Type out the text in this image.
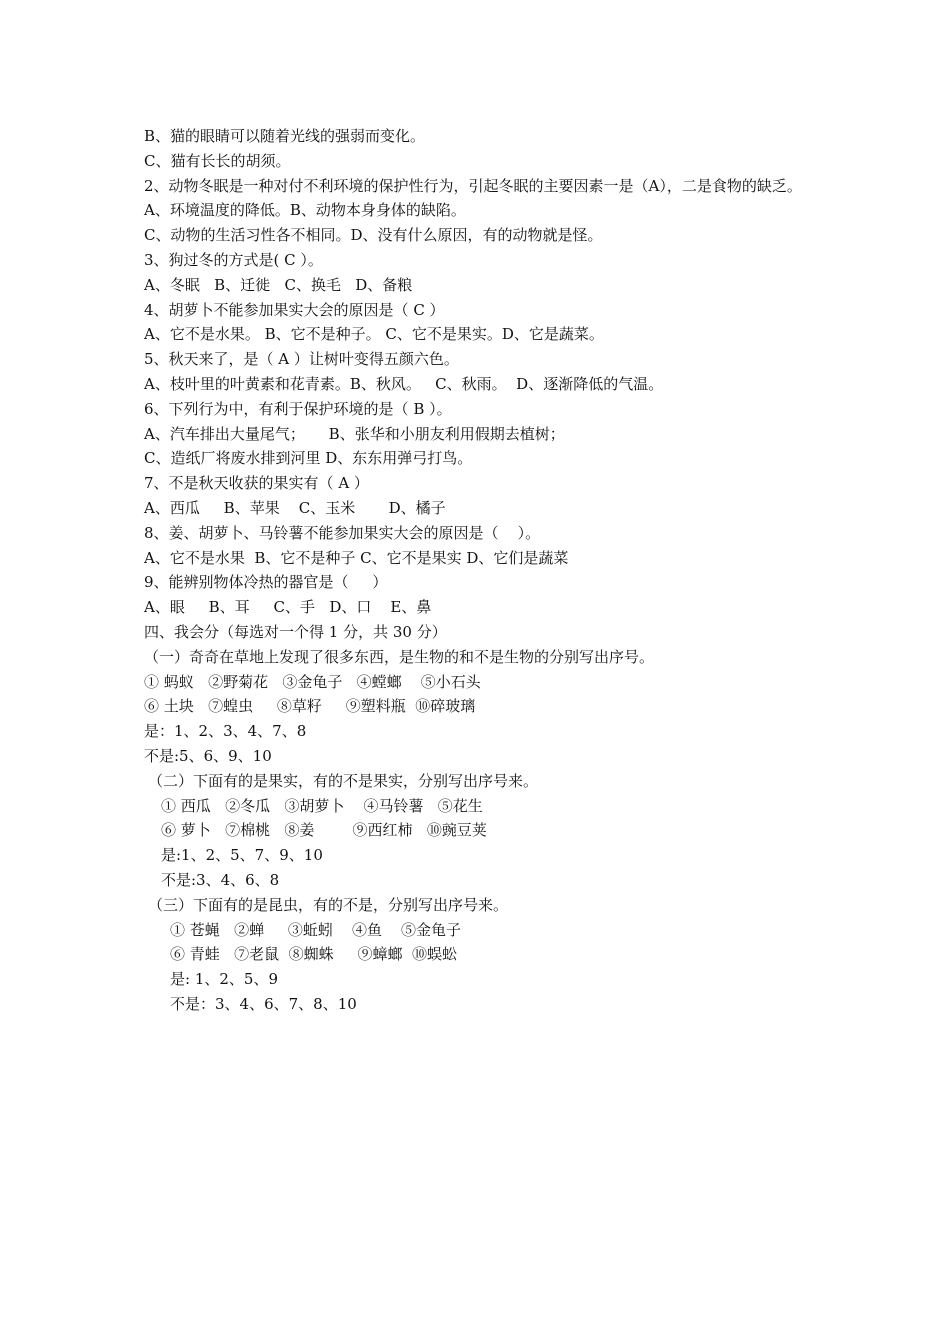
B、猫的眼睛可以随着光线的强弱而变化。
C、猫有长长的胡须。
2、动物冬眠是一种对付不利环境的保护性行为，引起冬眠的主要因素一是（A），二是食物的缺乏。
A、环境温度的降低。B、动物本身身体的缺陷。
C、动物的生活习性各不相同。D、没有什么原因，有的动物就是怪。
3、狗过冬的方式是( C ）。
A、冬眠   B、迁徙   C、换毛   D、备粮
4、胡萝卜不能参加果实大会的原因是（ C ）
A、它不是水果。 B、它不是种子。 C、它不是果实。D、它是蔬菜。
5、秋天来了，是（ A ）让树叶变得五颜六色。
A、枝叶里的叶黄素和花青素。B、秋风。   C、秋雨。  D、逐渐降低的气温。
6、下列行为中，有利于保护环境的是（ B ）。
A、汽车排出大量尾气；     B、张华和小朋友利用假期去植树；
C、造纸厂将废水排到河里 D、东东用弹弓打鸟。
7、不是秋天收获的果实有（ A ）
A、西瓜     B、苹果    C、玉米       D、橘子
8、姜、胡萝卜、马铃薯不能参加果实大会的原因是（    ）。
A、它不是水果  B、它不是种子 C、它不是果实 D、它们是蔬菜
9、能辨别物体冷热的器官是（     ）
A、眼     B、耳     C、手   D、口    E、鼻
四、我会分（每选对一个得 1 分，共 30 分）
（一）奇奇在草地上发现了很多东西，是生物的和不是生物的分别写出序号。
① 蚂蚁   ②野菊花   ③金龟子   ④螳螂    ⑤小石头
⑥ 土块   ⑦蝗虫     ⑧草籽     ⑨塑料瓶  ⑩碎玻璃
是：1、2、3、4、7、8
不是:5、6、9、10
（二）下面有的是果实，有的不是果实，分别写出序号来。
① 西瓜   ②冬瓜   ③胡萝卜    ④马铃薯   ⑤花生
⑥ 萝卜   ⑦棉桃   ⑧姜        ⑨西红柿   ⑩豌豆荚
是:1、2、5、7、9、10
不是:3、4、6、8
（三）下面有的是昆虫，有的不是，分别写出序号来。
① 苍蝇   ②蝉     ③蚯蚓    ④鱼    ⑤金龟子
⑥ 青蛙   ⑦老鼠  ⑧蜘蛛     ⑨蟑螂  ⑩蜈蚣
是: 1、2、5、9
不是：3、4、6、7、8、10
